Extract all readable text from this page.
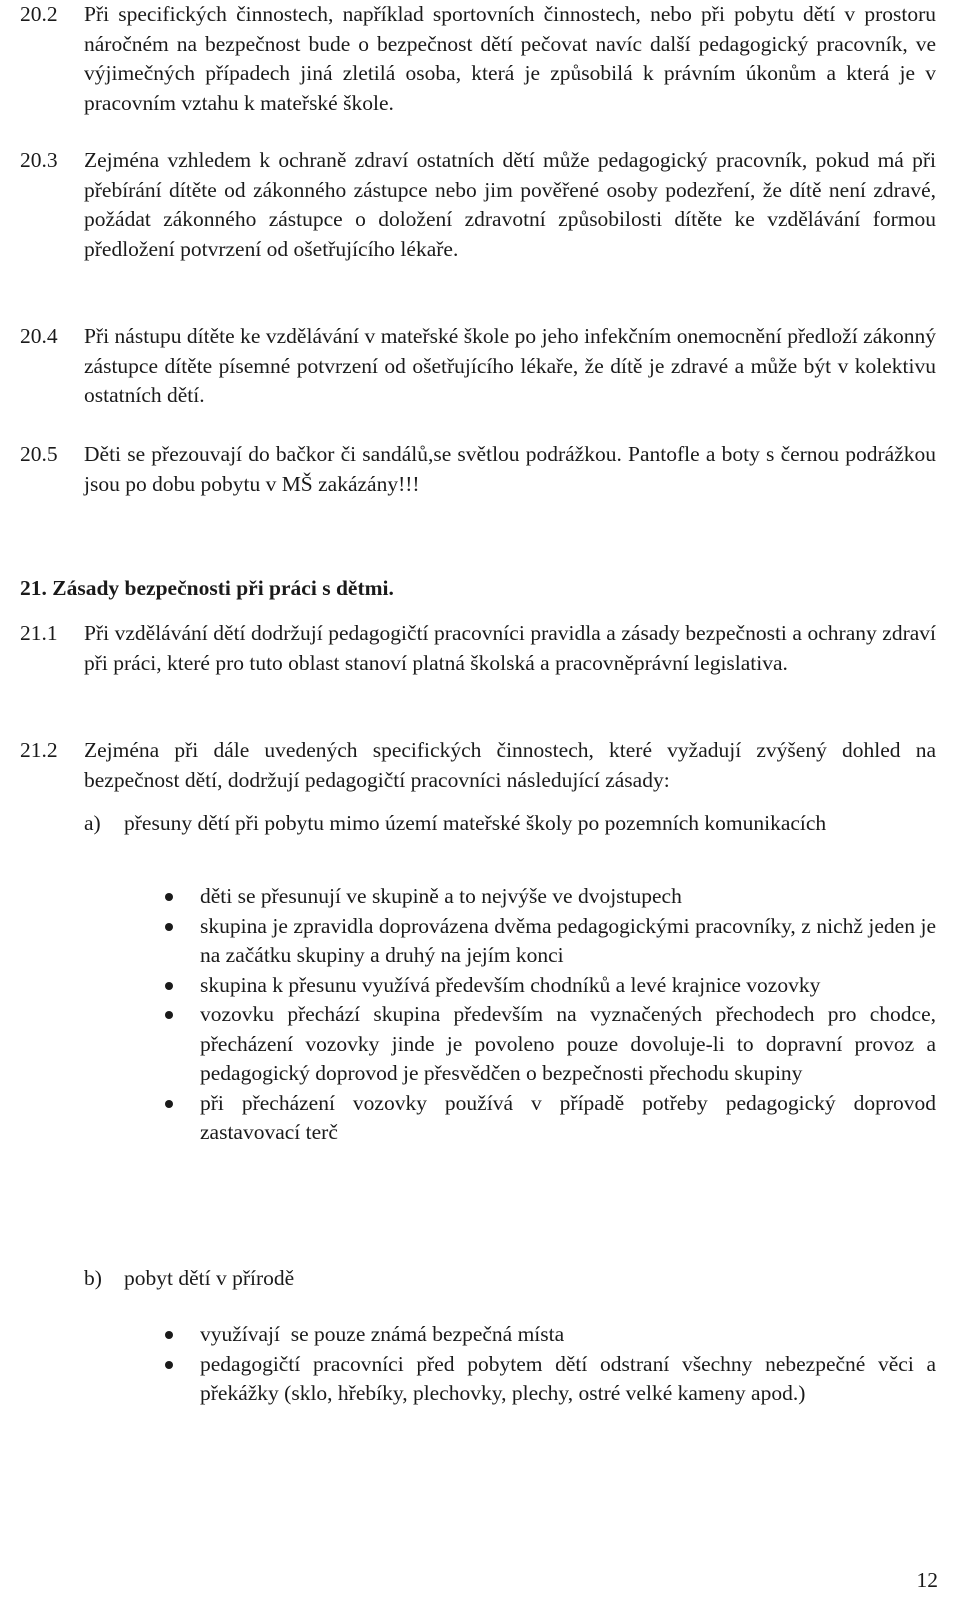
20.2 Při specifických činnostech, například sportovních činnostech, nebo při pobytu dětí v prostoru náročném na bezpečnost bude o bezpečnost dětí pečovat navíc další pedagogický pracovník, ve výjimečných případech jiná zletilá osoba, která je způsobilá k právním úkonům a která je v pracovním vztahu k mateřské škole.

20.3 Zejména vzhledem k ochraně zdraví ostatních dětí může pedagogický pracovník, pokud má při přebírání dítěte od zákonného zástupce nebo jim pověřené osoby podezření, že dítě není zdravé, požádat zákonného zástupce o doložení zdravotní způsobilosti dítěte ke vzdělávání formou předložení potvrzení od ošetřujícího lékaře.

20.4 Při nástupu dítěte ke vzdělávání v mateřské škole po jeho infekčním onemocnění předloží zákonný zástupce dítěte písemné potvrzení od ošetřujícího lékaře, že dítě je zdravé a může být v kolektivu ostatních dětí.

20.5 Děti se přezouvají do bačkor či sandálů,se světlou podrážkou. Pantofle a boty s černou podrážkou jsou po dobu pobytu v MŠ zakázány!!!

21. Zásady bezpečnosti při práci s dětmi.

21.1 Při vzdělávání dětí dodržují pedagogičtí pracovníci pravidla a zásady bezpečnosti a ochrany zdraví při práci, které pro tuto oblast stanoví platná školská a pracovněprávní legislativa.

21.2 Zejména při dále uvedených specifických činnostech, které vyžadují zvýšený dohled na bezpečnost dětí, dodržují pedagogičtí pracovníci následující zásady:

a) přesuny dětí při pobytu mimo území mateřské školy po pozemních komunikacích

děti se přesunují ve skupině a to nejvýše ve dvojstupech
skupina je zpravidla doprovázena dvěma pedagogickými pracovníky, z nichž jeden je na začátku skupiny a druhý na jejím konci
skupina k přesunu využívá především chodníků a levé krajnice vozovky
vozovku přechází skupina především na vyznačených přechodech pro chodce, přecházení vozovky jinde je povoleno pouze dovoluje-li to dopravní provoz a pedagogický doprovod je přesvědčen o bezpečnosti přechodu skupiny
při přecházení vozovky používá v případě potřeby pedagogický doprovod zastavovací terč

b) pobyt dětí v přírodě

využívají  se pouze známá bezpečná místa
pedagogičtí pracovníci před pobytem dětí odstraní všechny nebezpečné věci a překážky (sklo, hřebíky, plechovky, plechy, ostré velké kameny apod.)
12
